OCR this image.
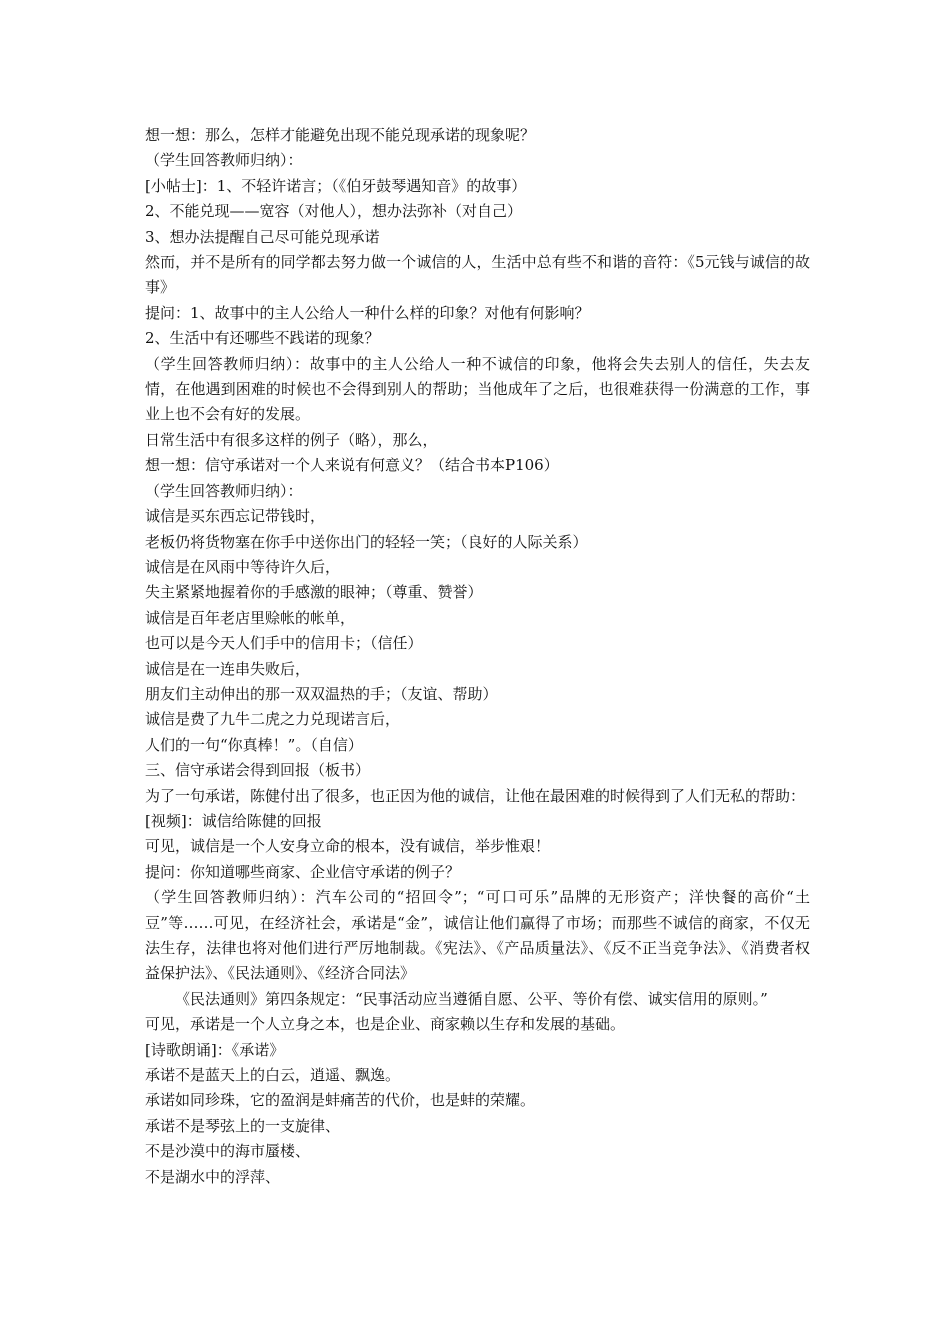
想一想：那么，怎样才能避免出现不能兑现承诺的现象呢？

（学生回答教师归纳）：

[小帖士]：1、不轻许诺言；（《伯牙鼓琴遇知音》的故事）

2、不能兑现——宽容（对他人），想办法弥补（对自己）

3、想办法提醒自己尽可能兑现承诺

然而，并不是所有的同学都去努力做一个诚信的人，生活中总有些不和谐的音符：《5元钱与诚信的故事》

提问：1、故事中的主人公给人一种什么样的印象？对他有何影响？

2、生活中有还哪些不践诺的现象？

（学生回答教师归纳）：故事中的主人公给人一种不诚信的印象，他将会失去别人的信任，失去友情，在他遇到困难的时候也不会得到别人的帮助；当他成年了之后，也很难获得一份满意的工作，事业上也不会有好的发展。

日常生活中有很多这样的例子（略），那么，

想一想：信守承诺对一个人来说有何意义？（结合书本P106）

（学生回答教师归纳）：

诚信是买东西忘记带钱时，

老板仍将货物塞在你手中送你出门的轻轻一笑；（良好的人际关系）

诚信是在风雨中等待许久后，

失主紧紧地握着你的手感激的眼神；（尊重、赞誉）

诚信是百年老店里赊帐的帐单，

也可以是今天人们手中的信用卡；（信任）

诚信是在一连串失败后，

朋友们主动伸出的那一双双温热的手；（友谊、帮助）

诚信是费了九牛二虎之力兑现诺言后，

人们的一句“你真棒！”。（自信）

三、信守承诺会得到回报（板书）

为了一句承诺，陈健付出了很多，也正因为他的诚信，让他在最困难的时候得到了人们无私的帮助：

[视频]：诚信给陈健的回报

可见，诚信是一个人安身立命的根本，没有诚信，举步惟艰！

提问：你知道哪些商家、企业信守承诺的例子？

（学生回答教师归纳）：汽车公司的“招回令”；“可口可乐”品牌的无形资产；洋快餐的高价“土豆”等……可见，在经济社会，承诺是“金”，诚信让他们赢得了市场；而那些不诚信的商家，不仅无法生存，法律也将对他们进行严厉地制裁。《宪法》、《产品质量法》、《反不正当竞争法》、《消费者权益保护法》、《民法通则》、《经济合同法》

《民法通则》第四条规定：“民事活动应当遵循自愿、公平、等价有偿、诚实信用的原则。”

可见，承诺是一个人立身之本，也是企业、商家赖以生存和发展的基础。

[诗歌朗诵]：《承诺》

承诺不是蓝天上的白云，逍遥、飘逸。

承诺如同珍珠，它的盈润是蚌痛苦的代价，也是蚌的荣耀。

承诺不是琴弦上的一支旋律、

不是沙漠中的海市蜃楼、

不是湖水中的浮萍、
